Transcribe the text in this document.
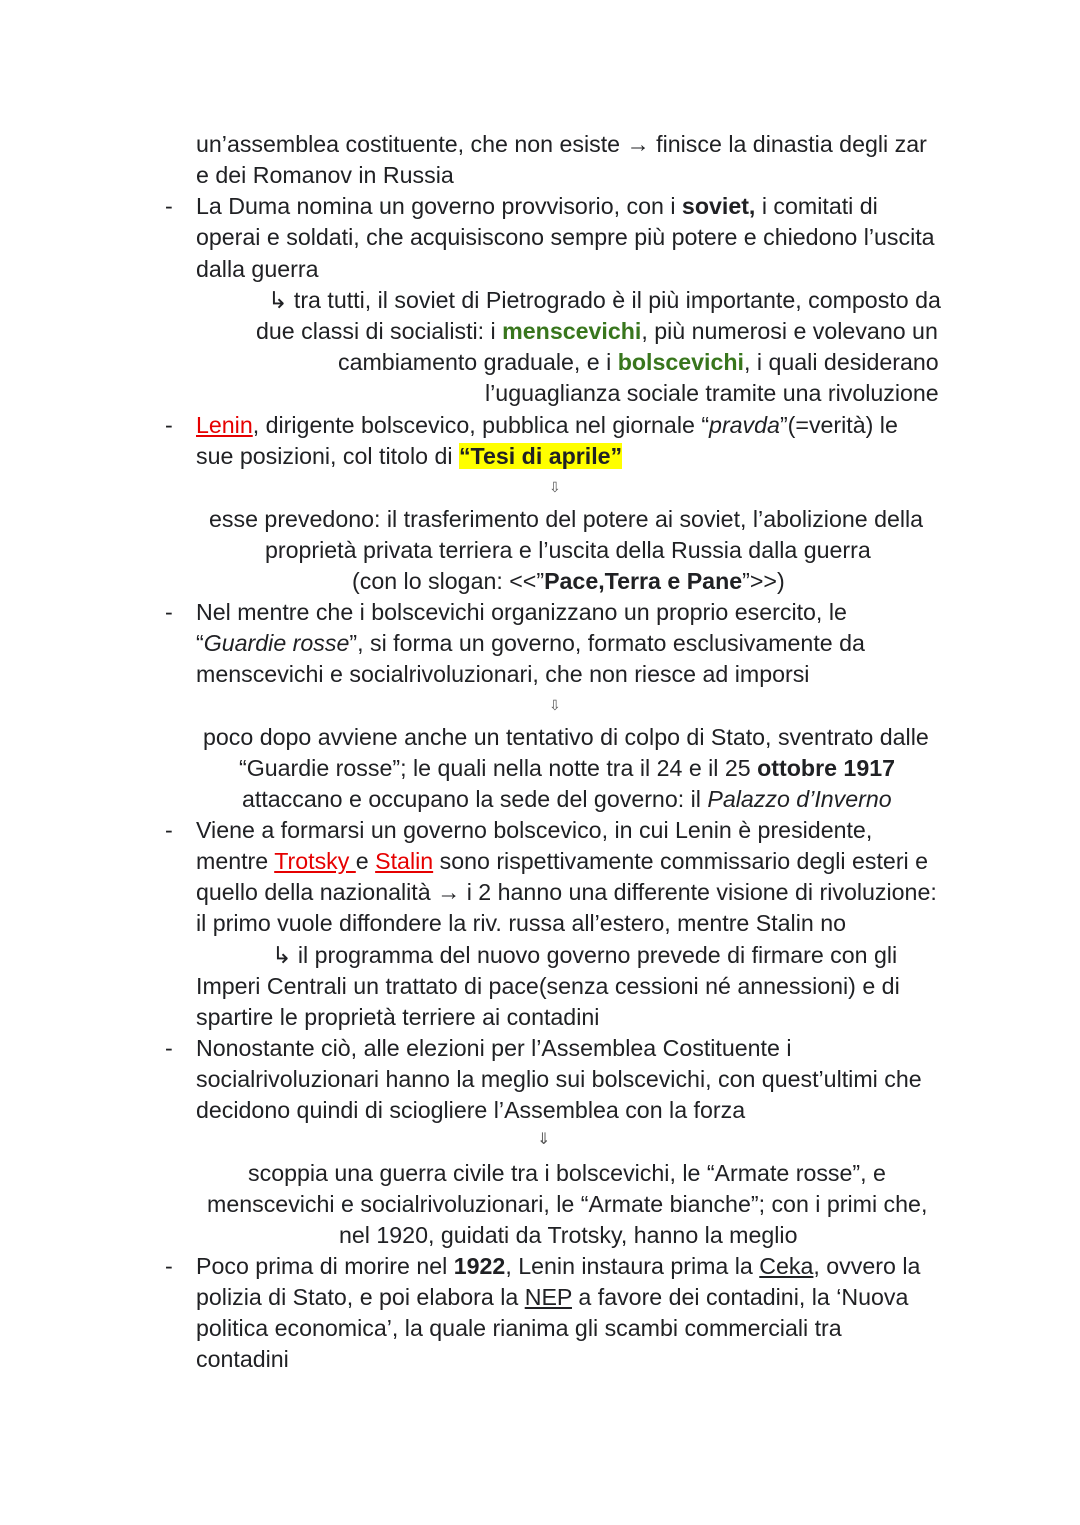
un’assemblea costituente, che non esiste → finisce la dinastia degli zar
e dei Romanov in Russia
- La Duma nomina un governo provvisorio, con i soviet, i comitati di
operai e soldati, che acquisiscono sempre più potere e chiedono l’uscita
dalla guerra
↳ tra tutti, il soviet di Pietrogrado è il più importante, composto da
due classi di socialisti: i menscevichi, più numerosi e volevano un
cambiamento graduale, e i bolscevichi, i quali desiderano
l’uguaglianza sociale tramite una rivoluzione
- Lenin, dirigente bolscevico, pubblica nel giornale “pravda”(=verità) le
sue posizioni, col titolo di “Tesi di aprile”
⇩
esse prevedono: il trasferimento del potere ai soviet, l’abolizione della
proprietà privata terriera e l’uscita della Russia dalla guerra
(con lo slogan: <<”Pace,Terra e Pane”>>)
- Nel mentre che i bolscevichi organizzano un proprio esercito, le
“Guardie rosse”, si forma un governo, formato esclusivamente da
menscevichi e socialrivoluzionari, che non riesce ad imporsi
⇩
poco dopo avviene anche un tentativo di colpo di Stato, sventrato dalle
“Guardie rosse”; le quali nella notte tra il 24 e il 25 ottobre 1917
attaccano e occupano la sede del governo: il Palazzo d’Inverno
- Viene a formarsi un governo bolscevico, in cui Lenin è presidente,
mentre Trotsky e Stalin sono rispettivamente commissario degli esteri e
quello della nazionalità → i 2 hanno una differente visione di rivoluzione:
il primo vuole diffondere la riv. russa all’estero, mentre Stalin no
↳ il programma del nuovo governo prevede di firmare con gli
Imperi Centrali un trattato di pace(senza cessioni né annessioni) e di
spartire le proprietà terriere ai contadini
- Nonostante ciò, alle elezioni per l’Assemblea Costituente i
socialrivoluzionari hanno la meglio sui bolscevichi, con quest’ultimi che
decidono quindi di sciogliere l’Assemblea con la forza
⇓
scoppia una guerra civile tra i bolscevichi, le “Armate rosse”, e
menscevichi e socialrivoluzionari, le “Armate bianche”; con i primi che,
nel 1920, guidati da Trotsky, hanno la meglio
- Poco prima di morire nel 1922, Lenin instaura prima la Ceka, ovvero la
polizia di Stato, e poi elabora la NEP a favore dei contadini, la ‘Nuova
politica economica’, la quale rianima gli scambi commerciali tra
contadini
